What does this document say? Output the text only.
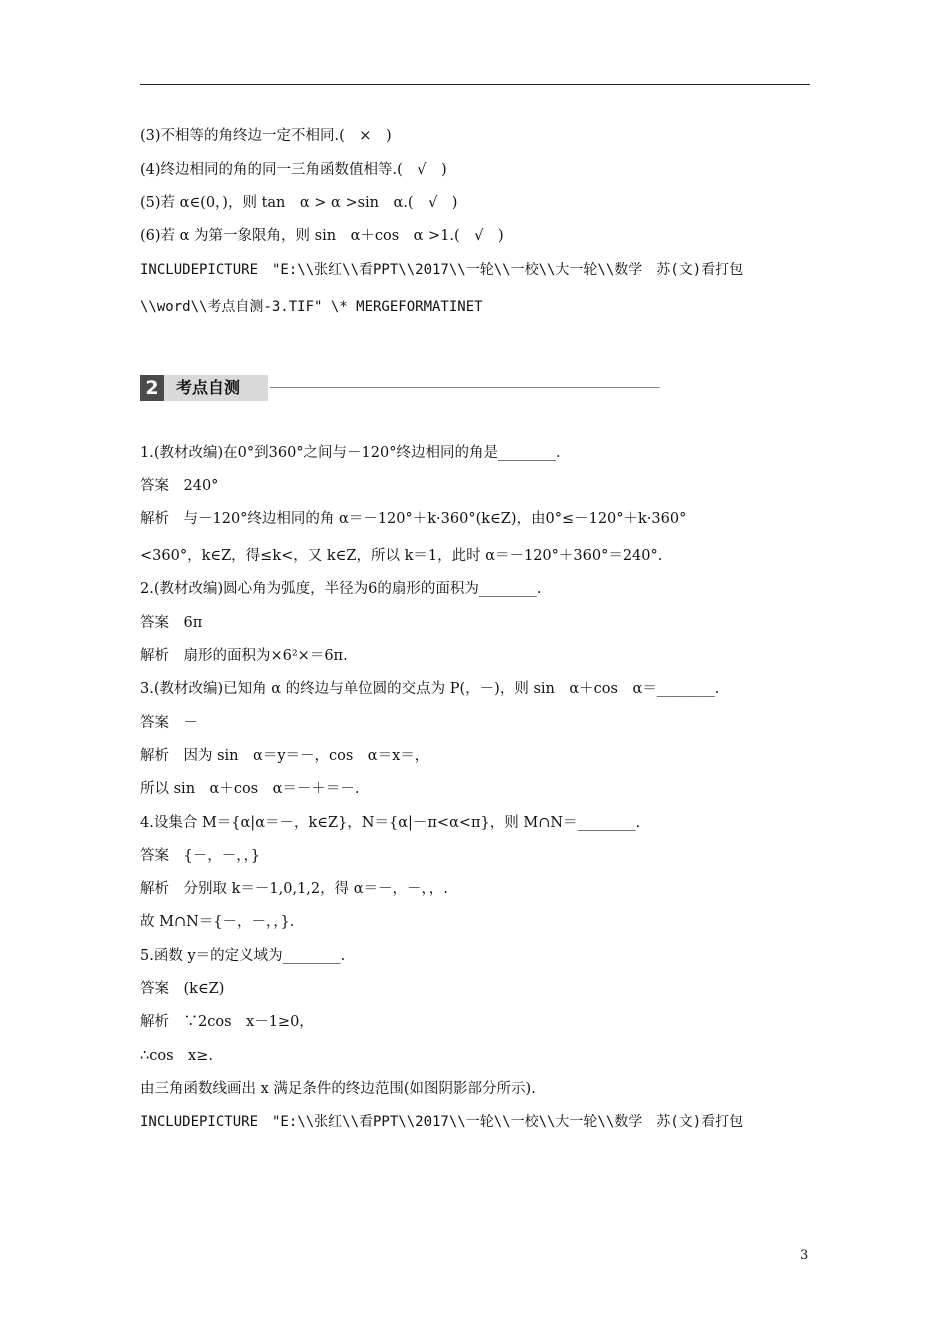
(3)不相等的角终边一定不相同.(　×　)
(4)终边相同的角的同一三角函数值相等.(　√　)
(5)若 α∈(0，)，则 tan　α > α >sin　α.(　√　)
(6)若 α 为第一象限角，则 sin　α＋cos　α >1.(　√　)
INCLUDEPICTURE　"E:\\张红\\看PPT\\2017\\一轮\\一校\\大一轮\\数学　苏(文)看打包
\\word\\考点自测-3.TIF" \* MERGEFORMATINET
2	考点自测
1.(教材改编)在0°到360°之间与－120°终边相同的角是________.
答案　240°
解析　与－120°终边相同的角 α＝－120°＋k·360°(k∈Z)，由0°≤－120°＋k·360°
<360°，k∈Z，得≤k<，又 k∈Z，所以 k＝1，此时 α＝－120°＋360°＝240°.
2.(教材改编)圆心角为弧度，半径为6的扇形的面积为________.
答案　6π
解析　扇形的面积为×6²×＝6π.
3.(教材改编)已知角 α 的终边与单位圆的交点为 P(，－)，则 sin　α＋cos　α＝________.
答案　－
解析　因为 sin　α＝y＝－，cos　α＝x＝，
所以 sin　α＋cos　α＝－＋＝－.
4.设集合 M＝{α|α＝－，k∈Z}，N＝{α|－π<α<π}，则 M∩N＝________.
答案　{－，－，，}
解析　分别取 k＝－1,0,1,2，得 α＝－，－，，.
故 M∩N＝{－，－，，}.
5.函数 y＝的定义域为________.
答案　(k∈Z)
解析　∵2cos　x－1≥0，
∴cos　x≥.
由三角函数线画出 x 满足条件的终边范围(如图阴影部分所示).
INCLUDEPICTURE　"E:\\张红\\看PPT\\2017\\一轮\\一校\\大一轮\\数学　苏(文)看打包
3
